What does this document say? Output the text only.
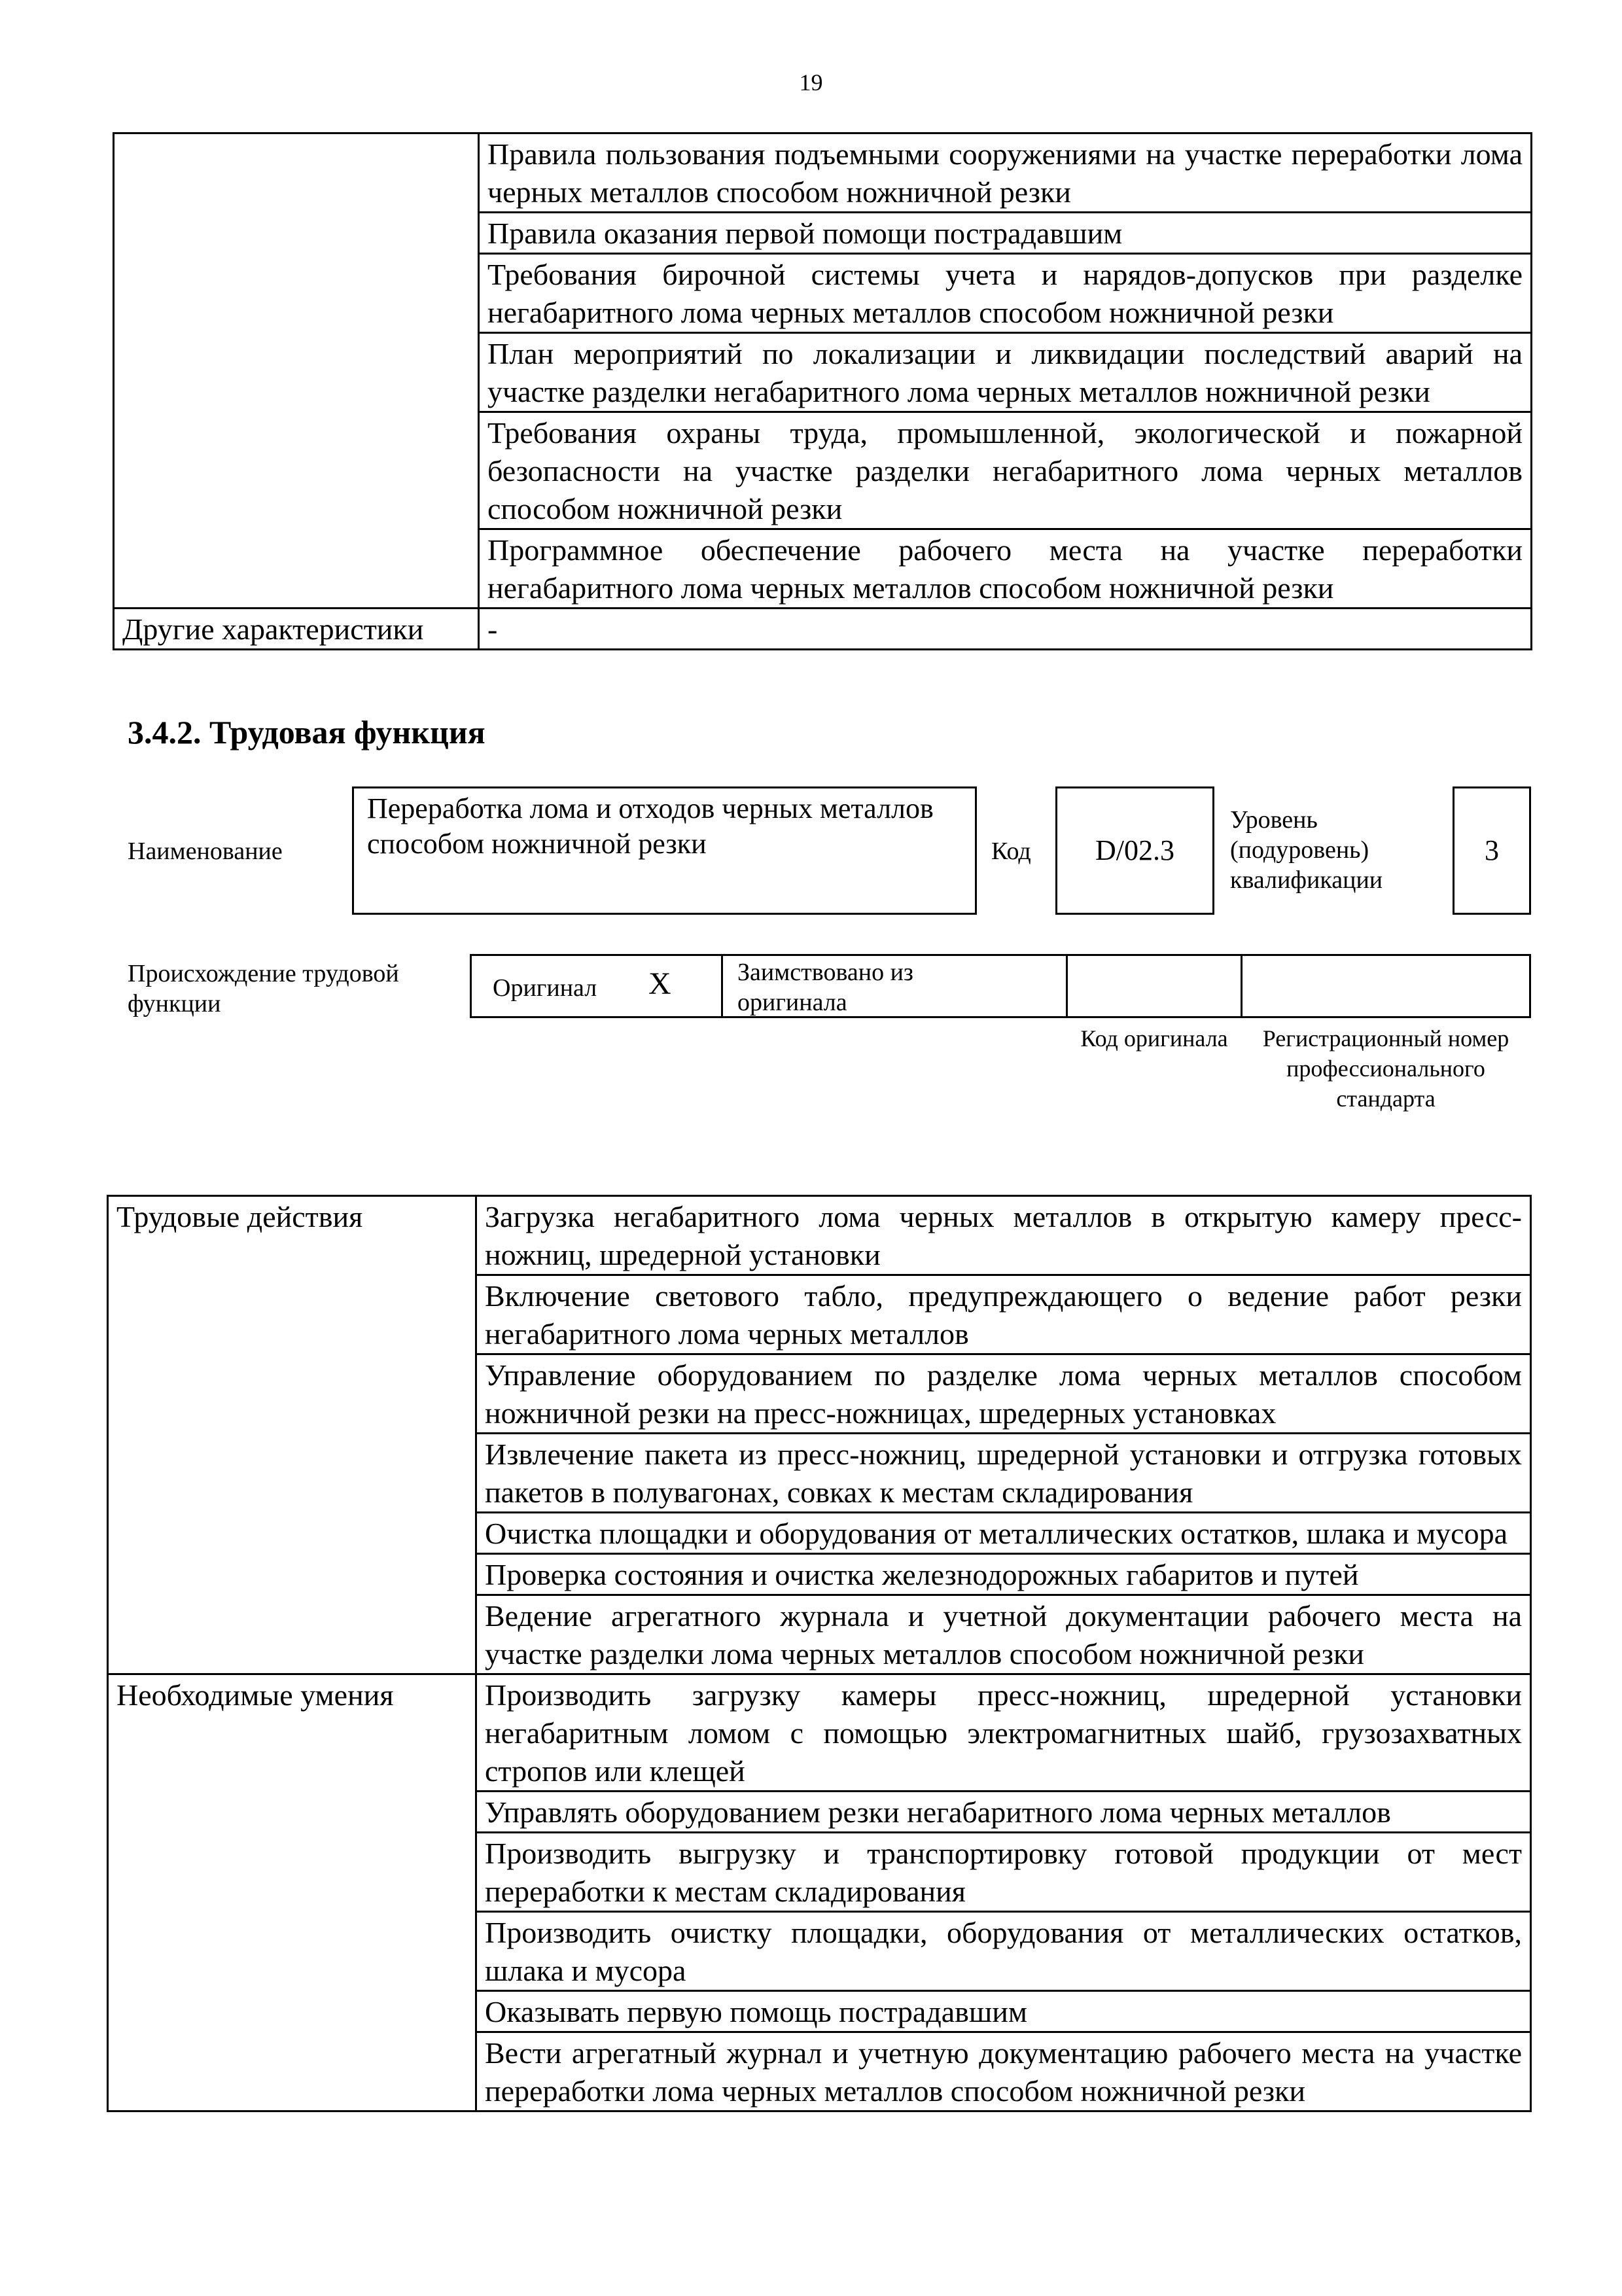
19
	Правила пользования подъемными сооружениями на участке переработки лома черных металлов способом ножничной резки
	Правила оказания первой помощи пострадавшим
	Требования бирочной системы учета и нарядов-допусков при разделке негабаритного лома черных металлов способом ножничной резки
	План мероприятий по локализации и ликвидации последствий аварий на участке разделки негабаритного лома черных металлов ножничной резки
	Требования охраны труда, промышленной, экологической и пожарной безопасности на участке разделки негабаритного лома черных металлов способом ножничной резки
	Программное обеспечение рабочего места на участке переработки негабаритного лома черных металлов способом ножничной резки
Другие характеристики	-
3.4.2. Трудовая функция
Наименование
Переработка лома и отходов черных металлов способом ножничной резки	Код	D/02.3
Уровень (подуровень) квалификации
3
Происхождение трудовой функции
Оригинал X	Заимствовано из оригинала
Код оригинала	Регистрационный номер профессионального стандарта
Трудовые действия	Загрузка негабаритного лома черных металлов в открытую камеру пресс-ножниц, шредерной установки
	Включение светового табло, предупреждающего о ведение работ резки негабаритного лома черных металлов
	Управление оборудованием по разделке лома черных металлов способом ножничной резки на пресс-ножницах, шредерных установках
	Извлечение пакета из пресс-ножниц, шредерной установки и отгрузка готовых пакетов в полувагонах, совках к местам складирования
	Очистка площадки и оборудования от металлических остатков, шлака и мусора
	Проверка состояния и очистка железнодорожных габаритов и путей
	Ведение агрегатного журнала и учетной документации рабочего места на участке разделки лома черных металлов способом ножничной резки
Необходимые умения	Производить загрузку камеры пресс-ножниц, шредерной установки негабаритным ломом с помощью электромагнитных шайб, грузозахватных стропов или клещей
	Управлять оборудованием резки негабаритного лома черных металлов
	Производить выгрузку и транспортировку готовой продукции от мест переработки к местам складирования
	Производить очистку площадки, оборудования от металлических остатков, шлака и мусора
	Оказывать первую помощь пострадавшим
	Вести агрегатный журнал и учетную документацию рабочего места на участке переработки лома черных металлов способом ножничной резки
